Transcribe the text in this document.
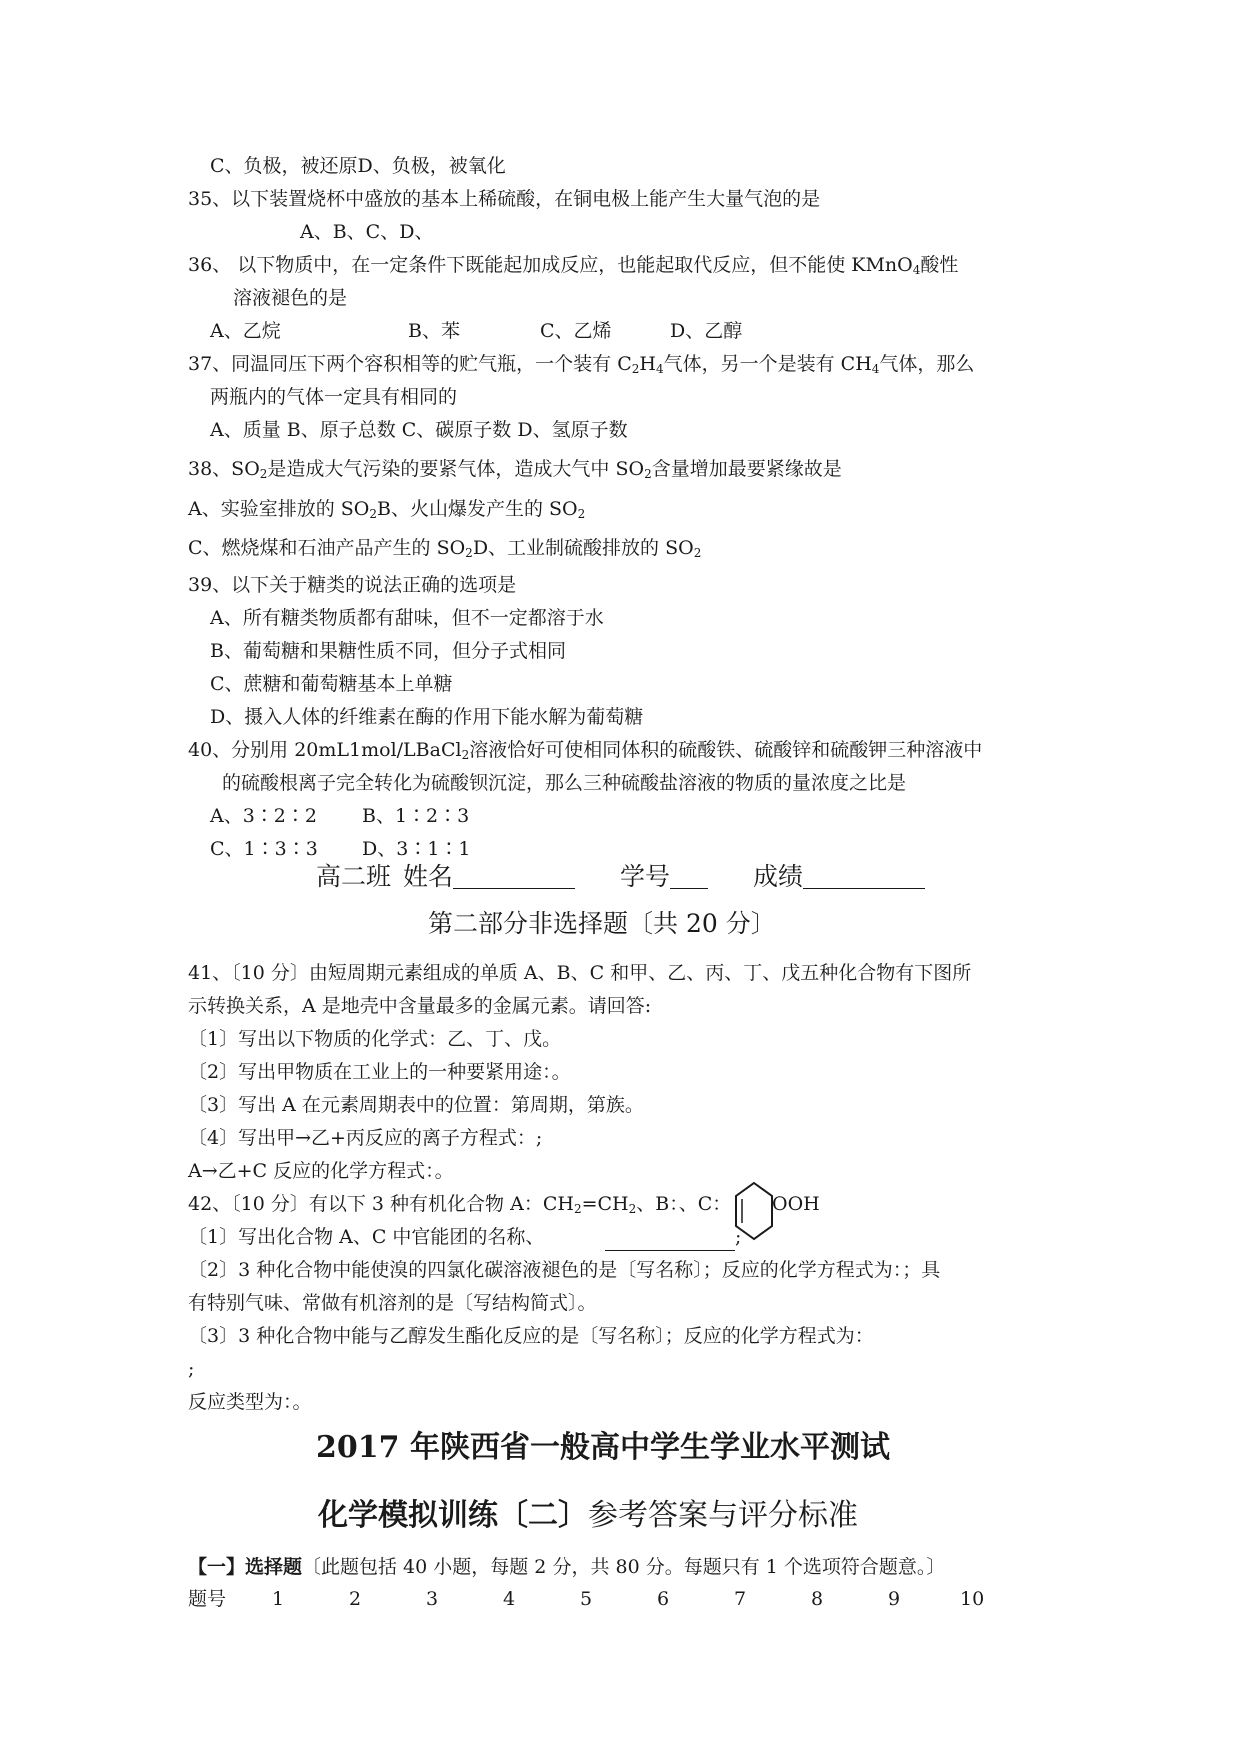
C、负极，被还原D、负极，被氧化
35、以下装置烧杯中盛放的基本上稀硫酸，在铜电极上能产生大量气泡的是
A、B、C、D、
36、 以下物质中，在一定条件下既能起加成反应，也能起取代反应，但不能使 KMnO$_4$酸性
溶液褪色的是
A、乙烷	B、苯	C、乙烯	D、乙醇
37、同温同压下两个容积相等的贮气瓶，一个装有 $C_2H_4$气体，另一个是装有 $CH_4$气体，那么
两瓶内的气体一定具有相同的
A、质量 B、原子总数 C、碳原子数 D、氢原子数
38、$SO_2$是造成大气污染的要紧气体，造成大气中 $SO_2$含量增加最要紧缘故是
A、实验室排放的 $SO_2B$、火山爆发产生的 $SO_2$
C、燃烧煤和石油产品产生的 $SO_2D$、工业制硫酸排放的 $SO_2$
39、以下关于糖类的说法正确的选项是
A、所有糖类物质都有甜味，但不一定都溶于水
B、葡萄糖和果糖性质不同，但分子式相同
C、蔗糖和葡萄糖基本上单糖
D、摄入人体的纤维素在酶的作用下能水解为葡萄糖
40、分别用 20mL1mol/LBaCl$_2$溶液恰好可使相同体积的硫酸铁、硫酸锌和硫酸钾三种溶液中
的硫酸根离子完全转化为硫酸钡沉淀，那么三种硫酸盐溶液的物质的量浓度之比是
A、3∶2∶2 B、1∶2∶3
C、1∶3∶3 D、3∶1∶1
高二班 姓名	学号	成绩
第二部分非选择题〔共 20 分〕
41、〔10 分〕由短周期元素组成的单质 A、B、C 和甲、乙、丙、丁、戊五种化合物有下图所
示转换关系，A 是地壳中含量最多的金属元素。请回答:
〔1〕写出以下物质的化学式：乙、丁、戊。
〔2〕写出甲物质在工业上的一种要紧用途：。
〔3〕写出 A 在元素周期表中的位置：第周期，第族。
〔4〕写出甲→乙+丙反应的离子方程式：;
A→乙+C 反应的化学方程式：。
42、〔10 分〕有以下 3 种有机化合物 A：$CH_2=CH_2$、B：、C： OOH
〔1〕写出化合物 A、C 中官能团的名称、	;
〔2〕3 种化合物中能使溴的四氯化碳溶液褪色的是〔写名称〕；反应的化学方程式为：；具
有特别气味、常做有机溶剂的是〔写结构简式〕。
〔3〕3 种化合物中能与乙醇发生酯化反应的是〔写名称〕；反应的化学方程式为：
;
反应类型为：。
2017 年陕西省一般高中学生学业水平测试
化学模拟训练〔二〕参考答案与评分标准
【一】选择题〔此题包括 40 小题，每题 2 分，共 80 分。每题只有 1 个选项符合题意。〕
题号 1	2	3	4	5	6	7	8	9	10
